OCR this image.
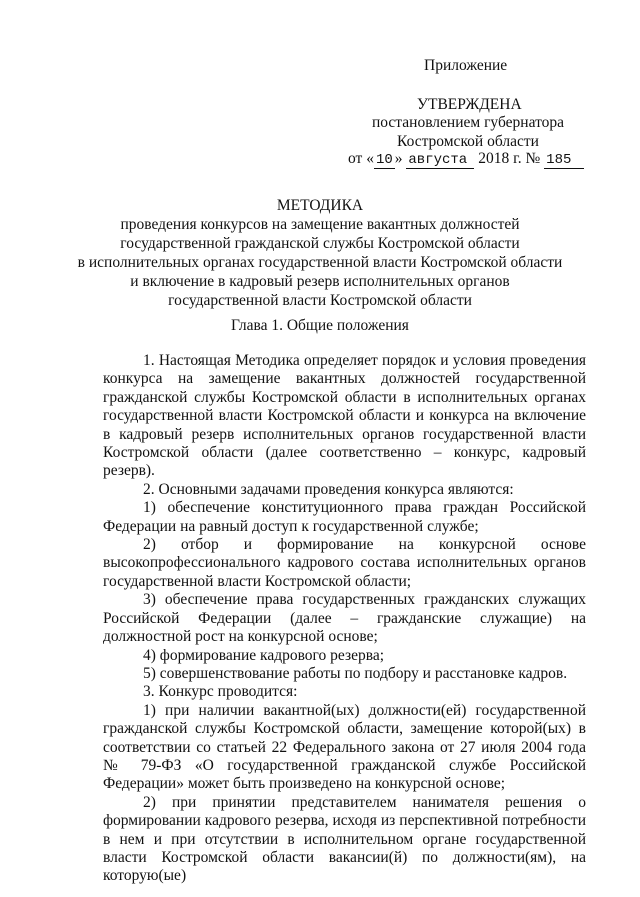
Приложение
УТВЕРЖДЕНА
постановлением губернатора
Костромской области
от « 10 » августа 2018 г. № 185
МЕТОДИКА
проведения конкурсов на замещение вакантных должностей
государственной гражданской службы Костромской области
в исполнительных органах государственной власти Костромской области
и включение в кадровый резерв исполнительных органов
государственной власти Костромской области
Глава 1. Общие положения

1. Настоящая Методика определяет порядок и условия проведения конкурса на замещение вакантных должностей государственной гражданской службы Костромской области в исполнительных органах государственной власти Костромской области и конкурса на включение в кадровый резерв исполнительных органов государственной власти Костромской области (далее соответственно – конкурс, кадровый резерв).

2. Основными задачами проведения конкурса являются:

1) обеспечение конституционного права граждан Российской Федерации на равный доступ к государственной службе;

2) отбор и формирование на конкурсной основе высокопрофессионального кадрового состава исполнительных органов государственной власти Костромской области;

3) обеспечение права государственных гражданских служащих Российской Федерации (далее – гражданские служащие) на должностной рост на конкурсной основе;

4) формирование кадрового резерва;

5) совершенствование работы по подбору и расстановке кадров.

3. Конкурс проводится:

1) при наличии вакантной(ых) должности(ей) государственной гражданской службы Костромской области, замещение которой(ых) в соответствии со статьей 22 Федерального закона от 27 июля 2004 года № 79-ФЗ «О государственной гражданской службе Российской Федерации» может быть произведено на конкурсной основе;

2) при принятии представителем нанимателя решения о формировании кадрового резерва, исходя из перспективной потребности в нем и при отсутствии в исполнительном органе государственной власти Костромской области вакансии(й) по должности(ям), на которую(ые)
